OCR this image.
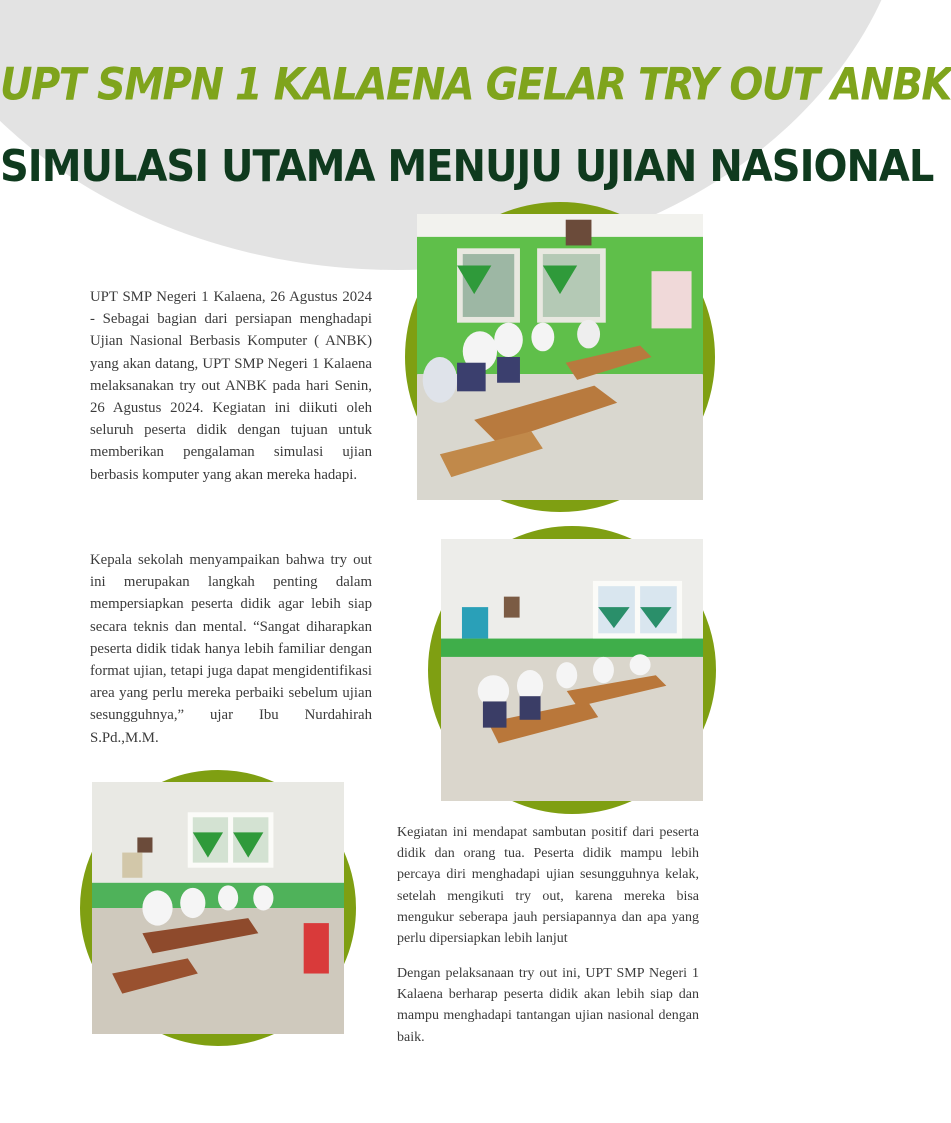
UPT SMPN 1 KALAENA GELAR TRY OUT ANBK
SIMULASI UTAMA MENUJU UJIAN NASIONAL

UPT SMP Negeri 1 Kalaena, 26 Agustus 2024 - Sebagai bagian dari persiapan menghadapi Ujian Nasional Berbasis Komputer ( ANBK) yang akan datang, UPT SMP Negeri 1 Kalaena melaksanakan try out ANBK pada hari Senin, 26 Agustus 2024. Kegiatan ini diikuti oleh seluruh peserta didik dengan tujuan untuk memberikan pengalaman simulasi ujian berbasis komputer yang akan mereka hadapi.

Kepala sekolah menyampaikan bahwa try out ini merupakan langkah penting dalam mempersiapkan peserta didik agar lebih siap secara teknis dan mental. “Sangat diharapkan peserta didik tidak hanya lebih familiar dengan format ujian, tetapi juga dapat mengidentifikasi area yang perlu mereka perbaiki sebelum ujian sesungguhnya,” ujar Ibu Nurdahirah S.Pd.,M.M.

Kegiatan ini mendapat sambutan positif dari peserta didik dan orang tua. Peserta didik mampu lebih percaya diri menghadapi ujian sesungguhnya kelak, setelah mengikuti try out, karena mereka bisa mengukur seberapa jauh persiapannya dan apa yang perlu dipersiapkan lebih lanjut

Dengan pelaksanaan try out ini, UPT SMP Negeri 1 Kalaena berharap peserta didik akan lebih siap dan mampu menghadapi tantangan ujian nasional dengan baik.
